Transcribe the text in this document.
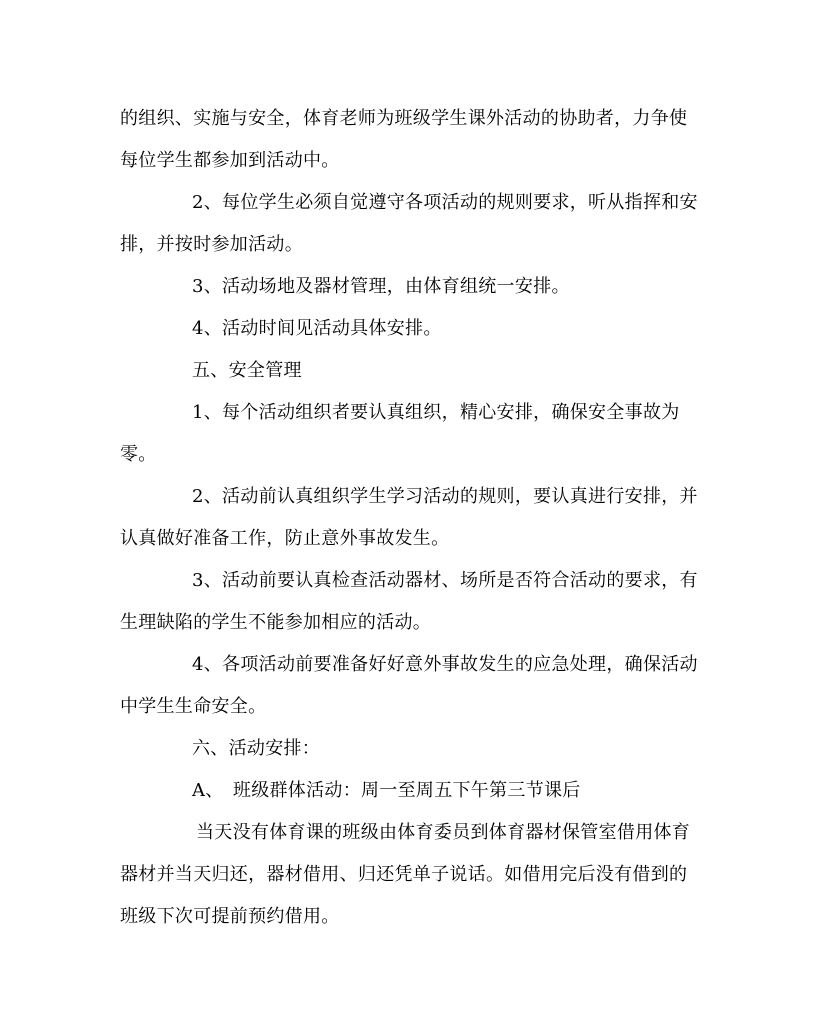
的组织、实施与安全，体育老师为班级学生课外活动的协助者，力争使每位学生都参加到活动中。

2、每位学生必须自觉遵守各项活动的规则要求，听从指挥和安排，并按时参加活动。

3、活动场地及器材管理，由体育组统一安排。

4、活动时间见活动具体安排。

五、安全管理

1、每个活动组织者要认真组织，精心安排，确保安全事故为零。

2、活动前认真组织学生学习活动的规则，要认真进行安排，并认真做好准备工作，防止意外事故发生。

3、活动前要认真检查活动器材、场所是否符合活动的要求，有生理缺陷的学生不能参加相应的活动。

4、各项活动前要准备好好意外事故发生的应急处理，确保活动中学生生命安全。

六、活动安排：

A、　班级群体活动：周一至周五下午第三节课后

当天没有体育课的班级由体育委员到体育器材保管室借用体育器材并当天归还，器材借用、归还凭单子说话。如借用完后没有借到的班级下次可提前预约借用。
